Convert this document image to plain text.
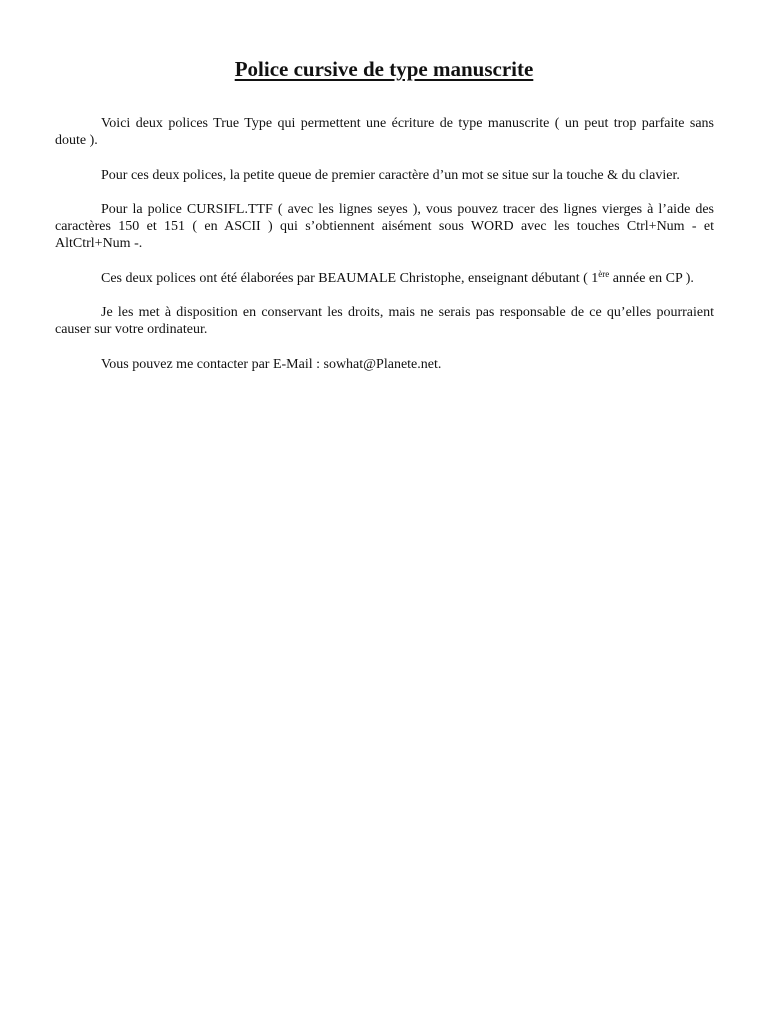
Police cursive de type manuscrite

Voici deux polices True Type qui permettent une écriture de type manuscrite ( un peut trop parfaite sans doute ).

Pour ces deux polices, la petite queue de premier caractère d’un mot se situe sur la touche & du clavier.

Pour la police CURSIFL.TTF ( avec les lignes seyes ), vous pouvez tracer des lignes vierges à l’aide des caractères 150 et 151 ( en ASCII ) qui s’obtiennent aisément sous WORD avec les touches Ctrl+Num - et AltCtrl+Num -.

Ces deux polices ont été élaborées par BEAUMALE Christophe, enseignant débutant ( 1ère année en CP ).

Je les met à disposition en conservant les droits, mais ne serais pas responsable de ce qu’elles pourraient causer sur votre ordinateur.

Vous pouvez me contacter par E-Mail : sowhat@Planete.net.
